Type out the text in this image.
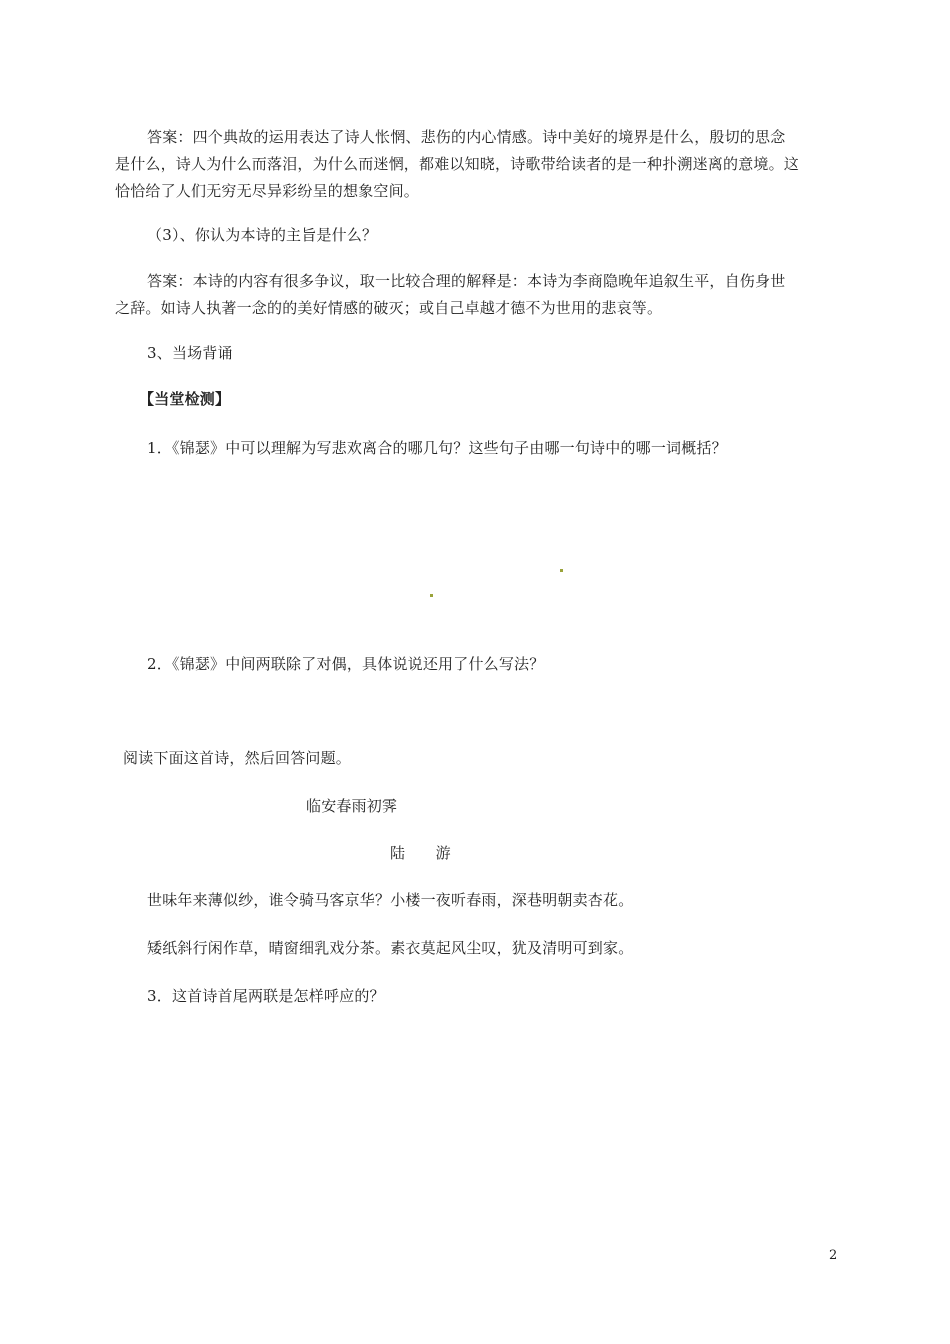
答案：四个典故的运用表达了诗人怅惘、悲伤的内心情感。诗中美好的境界是什么，殷切的思念
是什么，诗人为什么而落泪，为什么而迷惘，都难以知晓，诗歌带给读者的是一种扑溯迷离的意境。这
恰恰给了人们无穷无尽异彩纷呈的想象空间。
（3）、你认为本诗的主旨是什么？
答案：本诗的内容有很多争议，取一比较合理的解释是：本诗为李商隐晚年追叙生平，自伤身世
之辞。如诗人执著一念的的美好情感的破灭；或自己卓越才德不为世用的悲哀等。
3、当场背诵
【当堂检测】
1．《锦瑟》中可以理解为写悲欢离合的哪几句？这些句子由哪一句诗中的哪一词概括？
2．《锦瑟》中间两联除了对偶，具体说说还用了什么写法？
阅读下面这首诗，然后回答问题。
临安春雨初霁
陆　　游
世味年来薄似纱，谁令骑马客京华？小楼一夜听春雨，深巷明朝卖杏花。
矮纸斜行闲作草，晴窗细乳戏分茶。素衣莫起风尘叹，犹及清明可到家。
3．这首诗首尾两联是怎样呼应的？
2
